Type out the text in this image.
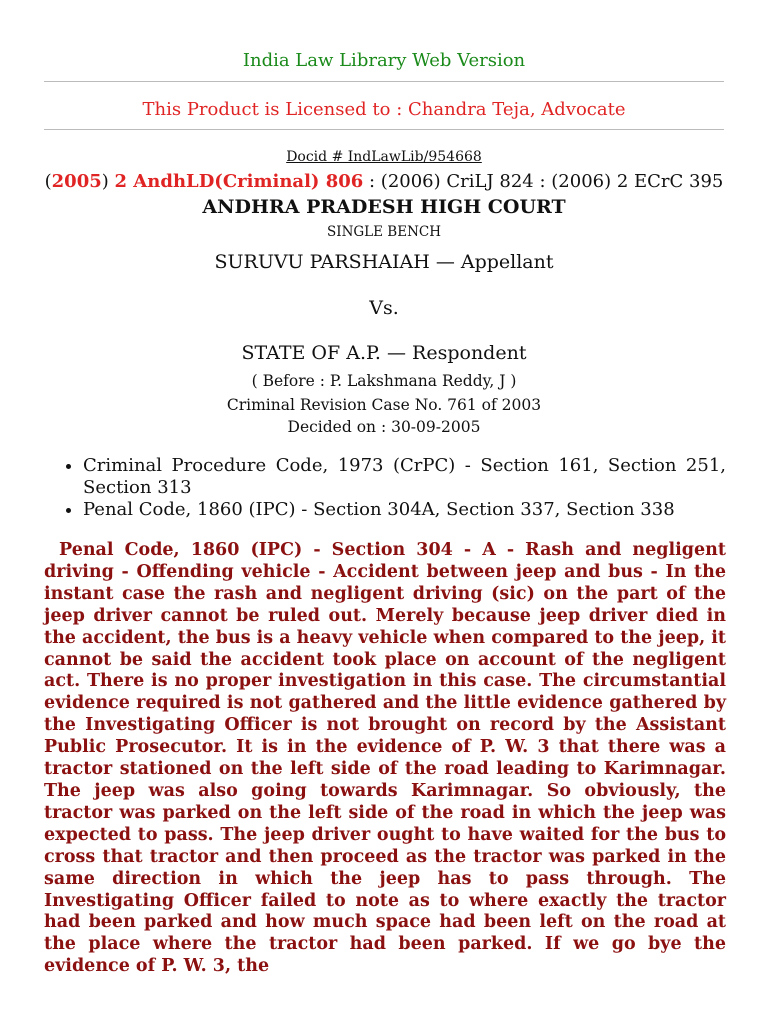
India Law Library Web Version
This Product is Licensed to : Chandra Teja, Advocate
Docid # IndLawLib/954668
(2005) 2 AndhLD(Criminal) 806 : (2006) CriLJ 824 : (2006) 2 ECrC 395
ANDHRA PRADESH HIGH COURT
SINGLE BENCH
SURUVU PARSHAIAH — Appellant
Vs.
STATE OF A.P. — Respondent
( Before : P. Lakshmana Reddy, J )
Criminal Revision Case No. 761 of 2003
Decided on : 30-09-2005
• Criminal Procedure Code, 1973 (CrPC) - Section 161, Section 251, Section 313
• Penal Code, 1860 (IPC) - Section 304A, Section 337, Section 338

Penal Code, 1860 (IPC) - Section 304 - A - Rash and negligent driving - Offending vehicle - Accident between jeep and bus - In the instant case the rash and negligent driving (sic) on the part of the jeep driver cannot be ruled out. Merely because jeep driver died in the accident, the bus is a heavy vehicle when compared to the jeep, it cannot be said the accident took place on account of the negligent act. There is no proper investigation in this case. The circumstantial evidence required is not gathered and the little evidence gathered by the Investigating Officer is not brought on record by the Assistant Public Prosecutor. It is in the evidence of P. W. 3 that there was a tractor stationed on the left side of the road leading to Karimnagar. The jeep was also going towards Karimnagar. So obviously, the tractor was parked on the left side of the road in which the jeep was expected to pass. The jeep driver ought to have waited for the bus to cross that tractor and then proceed as the tractor was parked in the same direction in which the jeep has to pass through. The Investigating Officer failed to note as to where exactly the tractor had been parked and how much space had been left on the road at the place where the tractor had been parked. If we go bye the evidence of P. W. 3, the
